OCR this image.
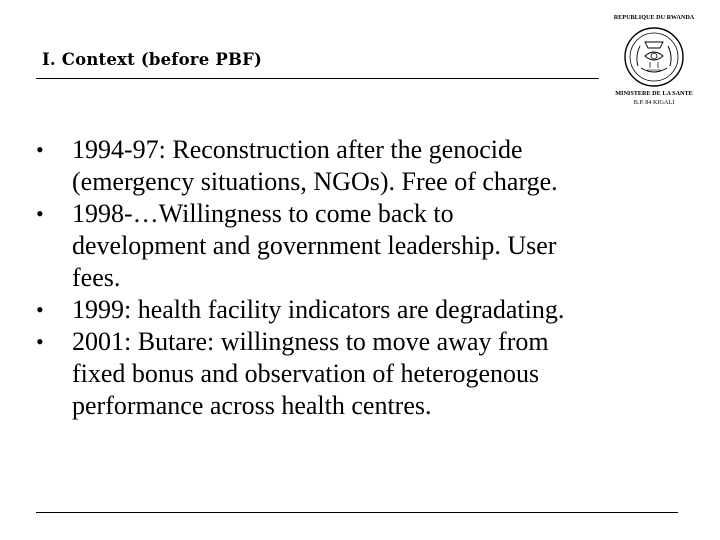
I. Context (before PBF)
REPUBLIQUE DU RWANDA
MINISTERE DE LA SANTE
B.P. 84 KIGALI
•	1994-97: Reconstruction after the genocide
(emergency situations, NGOs). Free of charge.
•	1998-…Willingness to come back to
development and government leadership. User
fees.
•	1999: health facility indicators are degradating.
•	2001: Butare: willingness to move away from
fixed bonus and observation of heterogenous
performance across health centres.
